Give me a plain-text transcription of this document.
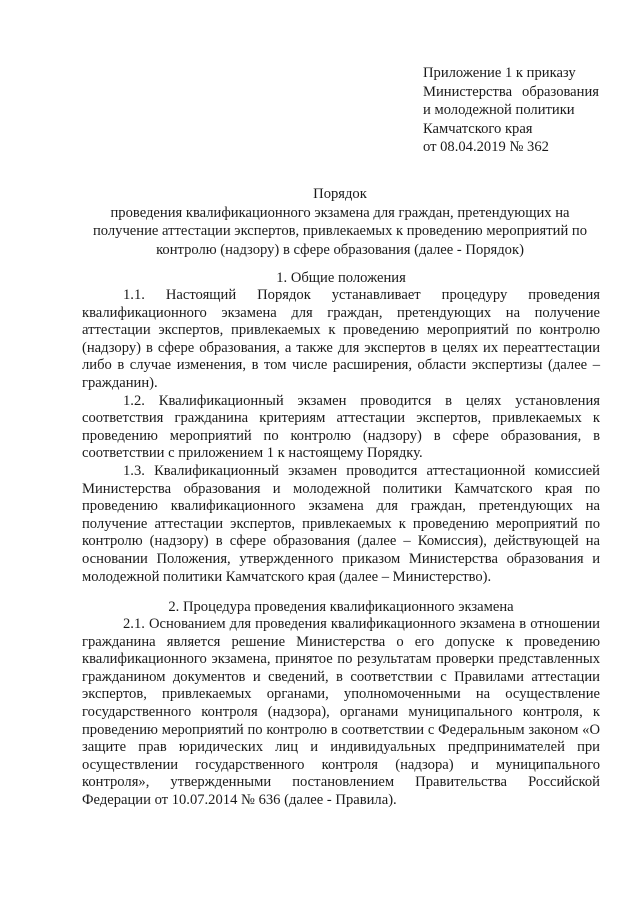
Приложение 1 к приказу
Министерства образования
и молодежной политики
Камчатского края
от 08.04.2019 № 362
Порядок
проведения квалификационного экзамена для граждан, претендующих на получение аттестации экспертов, привлекаемых к проведению мероприятий по контролю (надзору) в сфере образования (далее - Порядок)
1. Общие положения

1.1. Настоящий Порядок устанавливает процедуру проведения квалификационного экзамена для граждан, претендующих на получение аттестации экспертов, привлекаемых к проведению мероприятий по контролю (надзору) в сфере образования, а также для экспертов в целях их переаттестации либо в случае изменения, в том числе расширения, области экспертизы (далее – гражданин).

1.2. Квалификационный экзамен проводится в целях установления соответствия гражданина критериям аттестации экспертов, привлекаемых к проведению мероприятий по контролю (надзору) в сфере образования, в соответствии с приложением 1 к настоящему Порядку.

1.3. Квалификационный экзамен проводится аттестационной комиссией Министерства образования и молодежной политики Камчатского края по проведению квалификационного экзамена для граждан, претендующих на получение аттестации экспертов, привлекаемых к проведению мероприятий по контролю (надзору) в сфере образования (далее – Комиссия), действующей на основании Положения, утвержденного приказом Министерства образования и молодежной политики Камчатского края (далее – Министерство).

2. Процедура проведения квалификационного экзамена

2.1. Основанием для проведения квалификационного экзамена в отношении гражданина является решение Министерства о его допуске к проведению квалификационного экзамена, принятое по результатам проверки представленных гражданином документов и сведений, в соответствии с Правилами аттестации экспертов, привлекаемых органами, уполномоченными на осуществление государственного контроля (надзора), органами муниципального контроля, к проведению мероприятий по контролю в соответствии с Федеральным законом «О защите прав юридических лиц и индивидуальных предпринимателей при осуществлении государственного контроля (надзора) и муниципального контроля», утвержденными постановлением Правительства Российской Федерации от 10.07.2014 № 636 (далее - Правила).
